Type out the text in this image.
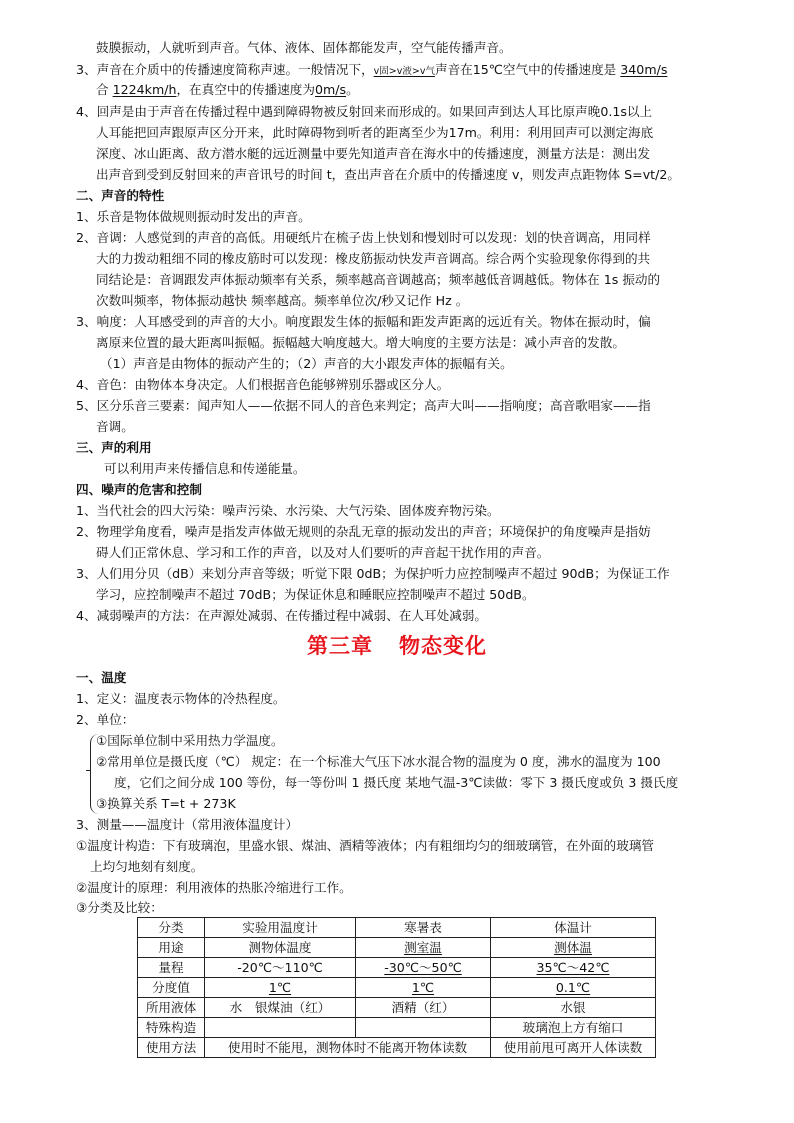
鼓膜振动，人就听到声音。气体、液体、固体都能发声，空气能传播声音。
3、声音在介质中的传播速度简称声速。一般情况下，v固>v液>v气声音在15℃空气中的传播速度是 340m/s
合 1224km/h，在真空中的传播速度为0m/s。
4、回声是由于声音在传播过程中遇到障碍物被反射回来而形成的。如果回声到达人耳比原声晚0.1s以上
人耳能把回声跟原声区分开来，此时障碍物到听者的距离至少为17m。利用：利用回声可以测定海底
深度、冰山距离、敌方潜水艇的远近测量中要先知道声音在海水中的传播速度，测量方法是：测出发
出声音到受到反射回来的声音讯号的时间 t，查出声音在介质中的传播速度 v，则发声点距物体 S=vt/2。
二、声音的特性
1、乐音是物体做规则振动时发出的声音。
2、音调：人感觉到的声音的高低。用硬纸片在梳子齿上快划和慢划时可以发现：划的快音调高，用同样
大的力拨动粗细不同的橡皮筋时可以发现：橡皮筋振动快发声音调高。综合两个实验现象你得到的共
同结论是：音调跟发声体振动频率有关系，频率越高音调越高；频率越低音调越低。物体在 1s 振动的
次数叫频率，物体振动越快 频率越高。频率单位次/秒又记作 Hz 。
3、响度：人耳感受到的声音的大小。响度跟发生体的振幅和距发声距离的远近有关。物体在振动时，偏
离原来位置的最大距离叫振幅。振幅越大响度越大。增大响度的主要方法是：减小声音的发散。
（1）声音是由物体的振动产生的；（2）声音的大小跟发声体的振幅有关。
4、音色：由物体本身决定。人们根据音色能够辨别乐器或区分人。
5、区分乐音三要素：闻声知人——依据不同人的音色来判定；高声大叫——指响度；高音歌唱家——指
音调。
三、声的利用
可以利用声来传播信息和传递能量。
四、噪声的危害和控制
1、当代社会的四大污染：噪声污染、水污染、大气污染、固体废弃物污染。
2、物理学角度看，噪声是指发声体做无规则的杂乱无章的振动发出的声音；环境保护的角度噪声是指妨
碍人们正常休息、学习和工作的声音，以及对人们要听的声音起干扰作用的声音。
3、人们用分贝（dB）来划分声音等级；听觉下限 0dB；为保护听力应控制噪声不超过 90dB；为保证工作
学习，应控制噪声不超过 70dB；为保证休息和睡眠应控制噪声不超过 50dB。
4、减弱噪声的方法：在声源处减弱、在传播过程中减弱、在人耳处减弱。
第三章 物态变化
一、温度
1、定义：温度表示物体的冷热程度。
2、单位：
①国际单位制中采用热力学温度。
②常用单位是摄氏度（℃） 规定：在一个标准大气压下冰水混合物的温度为 0 度，沸水的温度为 100
度，它们之间分成 100 等份，每一等份叫 1 摄氏度 某地气温-3℃读做：零下 3 摄氏度或负 3 摄氏度
③换算关系 T=t + 273K
3、测量——温度计（常用液体温度计）
①温度计构造：下有玻璃泡，里盛水银、煤油、酒精等液体；内有粗细均匀的细玻璃管，在外面的玻璃管
上均匀地刻有刻度。
②温度计的原理：利用液体的热胀冷缩进行工作。
③分类及比较：
分类	实验用温度计	寒暑表	体温计
用途	测物体温度	测室温	测体温
量程	-20℃～110℃	-30℃～50℃	35℃～42℃
分度值	1℃	1℃	0.1℃
所用液体	水　银煤油（红）	酒精（红）	水银
特殊构造			玻璃泡上方有缩口
使用方法	使用时不能甩，测物体时不能离开物体读数		使用前甩可离开人体读数
